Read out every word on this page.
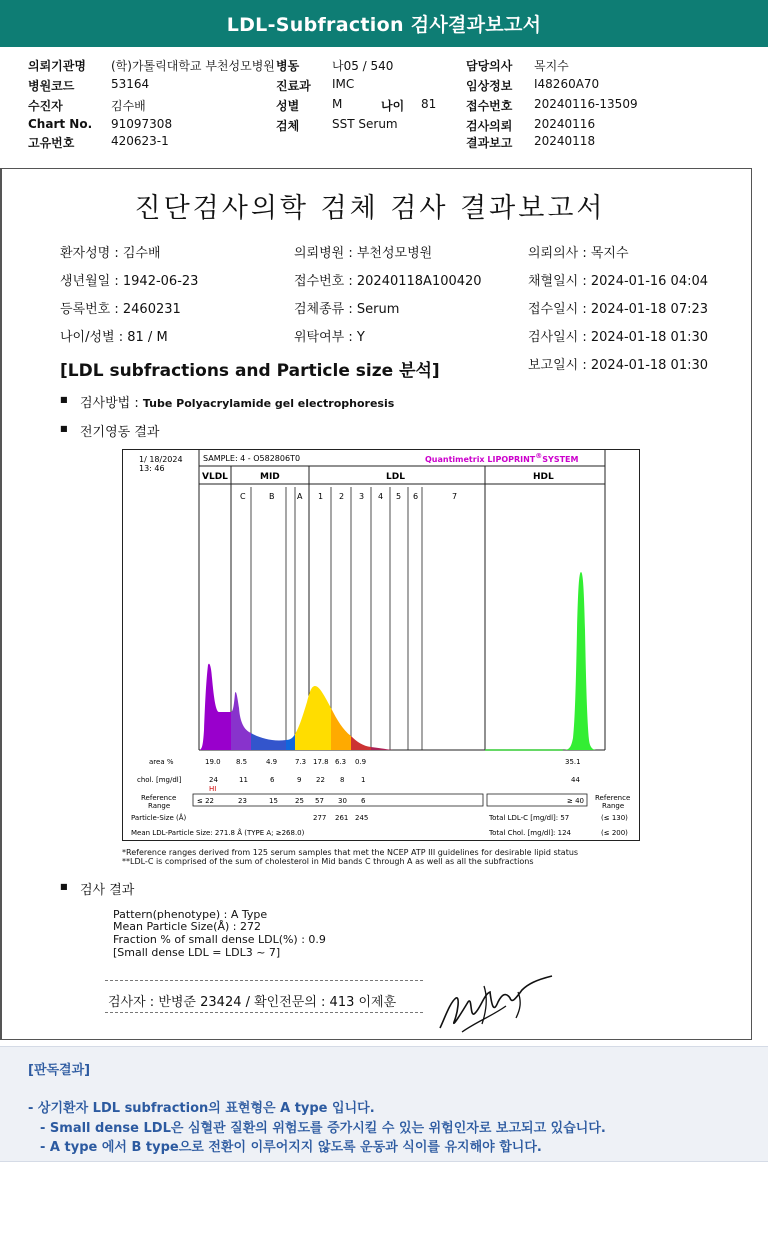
LDL-Subfraction 검사결과보고서
의뢰기관명 (학)가톨릭대학교 부천성모병원
병원코드	53164
수진자	김수배
Chart No. 91097308
고유번호	420623-1
병동	나05 / 540
진료과 IMC
성별	M	나이 81
검체	SST Serum
담당의사 목지수
임상정보 I48260A70
접수번호 20240116-13509
검사의뢰 20240116
결과보고 20240118
진단검사의학 검체 검사 결과보고서
환자성명 : 김수배
생년월일 : 1942-06-23
등록번호 : 2460231
나이/성별 : 81 / M
의뢰병원 : 부천성모병원
접수번호 : 20240118A100420
검체종류 : Serum
위탁여부 : Y
의뢰의사 : 목지수
채혈일시 : 2024-01-16 04:04
접수일시 : 2024-01-18 07:23
검사일시 : 2024-01-18 01:30
보고일시 : 2024-01-18 01:30
[LDL subfractions and Particle size 분석]
■ 검사방법 : Tube Polyacrylamide gel electrophoresis
■ 전기영동 결과
1/ 18/2024
13: 46
SAMPLE: 4 - O582806T0	Quantimetrix LIPOPRINT®SYSTEM
VLDL	MID	LDL	HDL
C	B	A 1 2 3 4 5 6	7
area %	19.0 8.5	4.9	7.3 17.8 6.3 0.9	35.1
chol. [mg/dl]	24	11	6	9 22 8 1	44
HI
Reference
Range
Reference
Range
≤ 22	23	15 25 57 30 6	≥ 40
Particle-Size (Å)	277 261 245	Total LDL-C [mg/dl]: 57	(≤ 130)
Mean LDL-Particle Size: 271.8 Å (TYPE A; ≥268.0)	Total Chol. [mg/dl]: 124	(≤ 200)
*Reference ranges derived from 125 serum samples that met the NCEP ATP III guidelines for desirable lipid status
**LDL-C is comprised of the sum of cholesterol in Mid bands C through A as well as all the subfractions
■ 검사 결과
Pattern(phenotype) : A Type
Mean Particle Size(Å) : 272
Fraction % of small dense LDL(%) : 0.9
[Small dense LDL = LDL3 ~ 7]
검사자 : 반병준 23424 / 확인전문의 : 413 이제훈
[판독결과]
- 상기환자 LDL subfraction의 표현형은 A type 입니다.
- Small dense LDL은 심혈관 질환의 위험도를 증가시킬 수 있는 위험인자로 보고되고 있습니다.
- A type 에서 B type으로 전환이 이루어지지 않도록 운동과 식이를 유지해야 합니다.
